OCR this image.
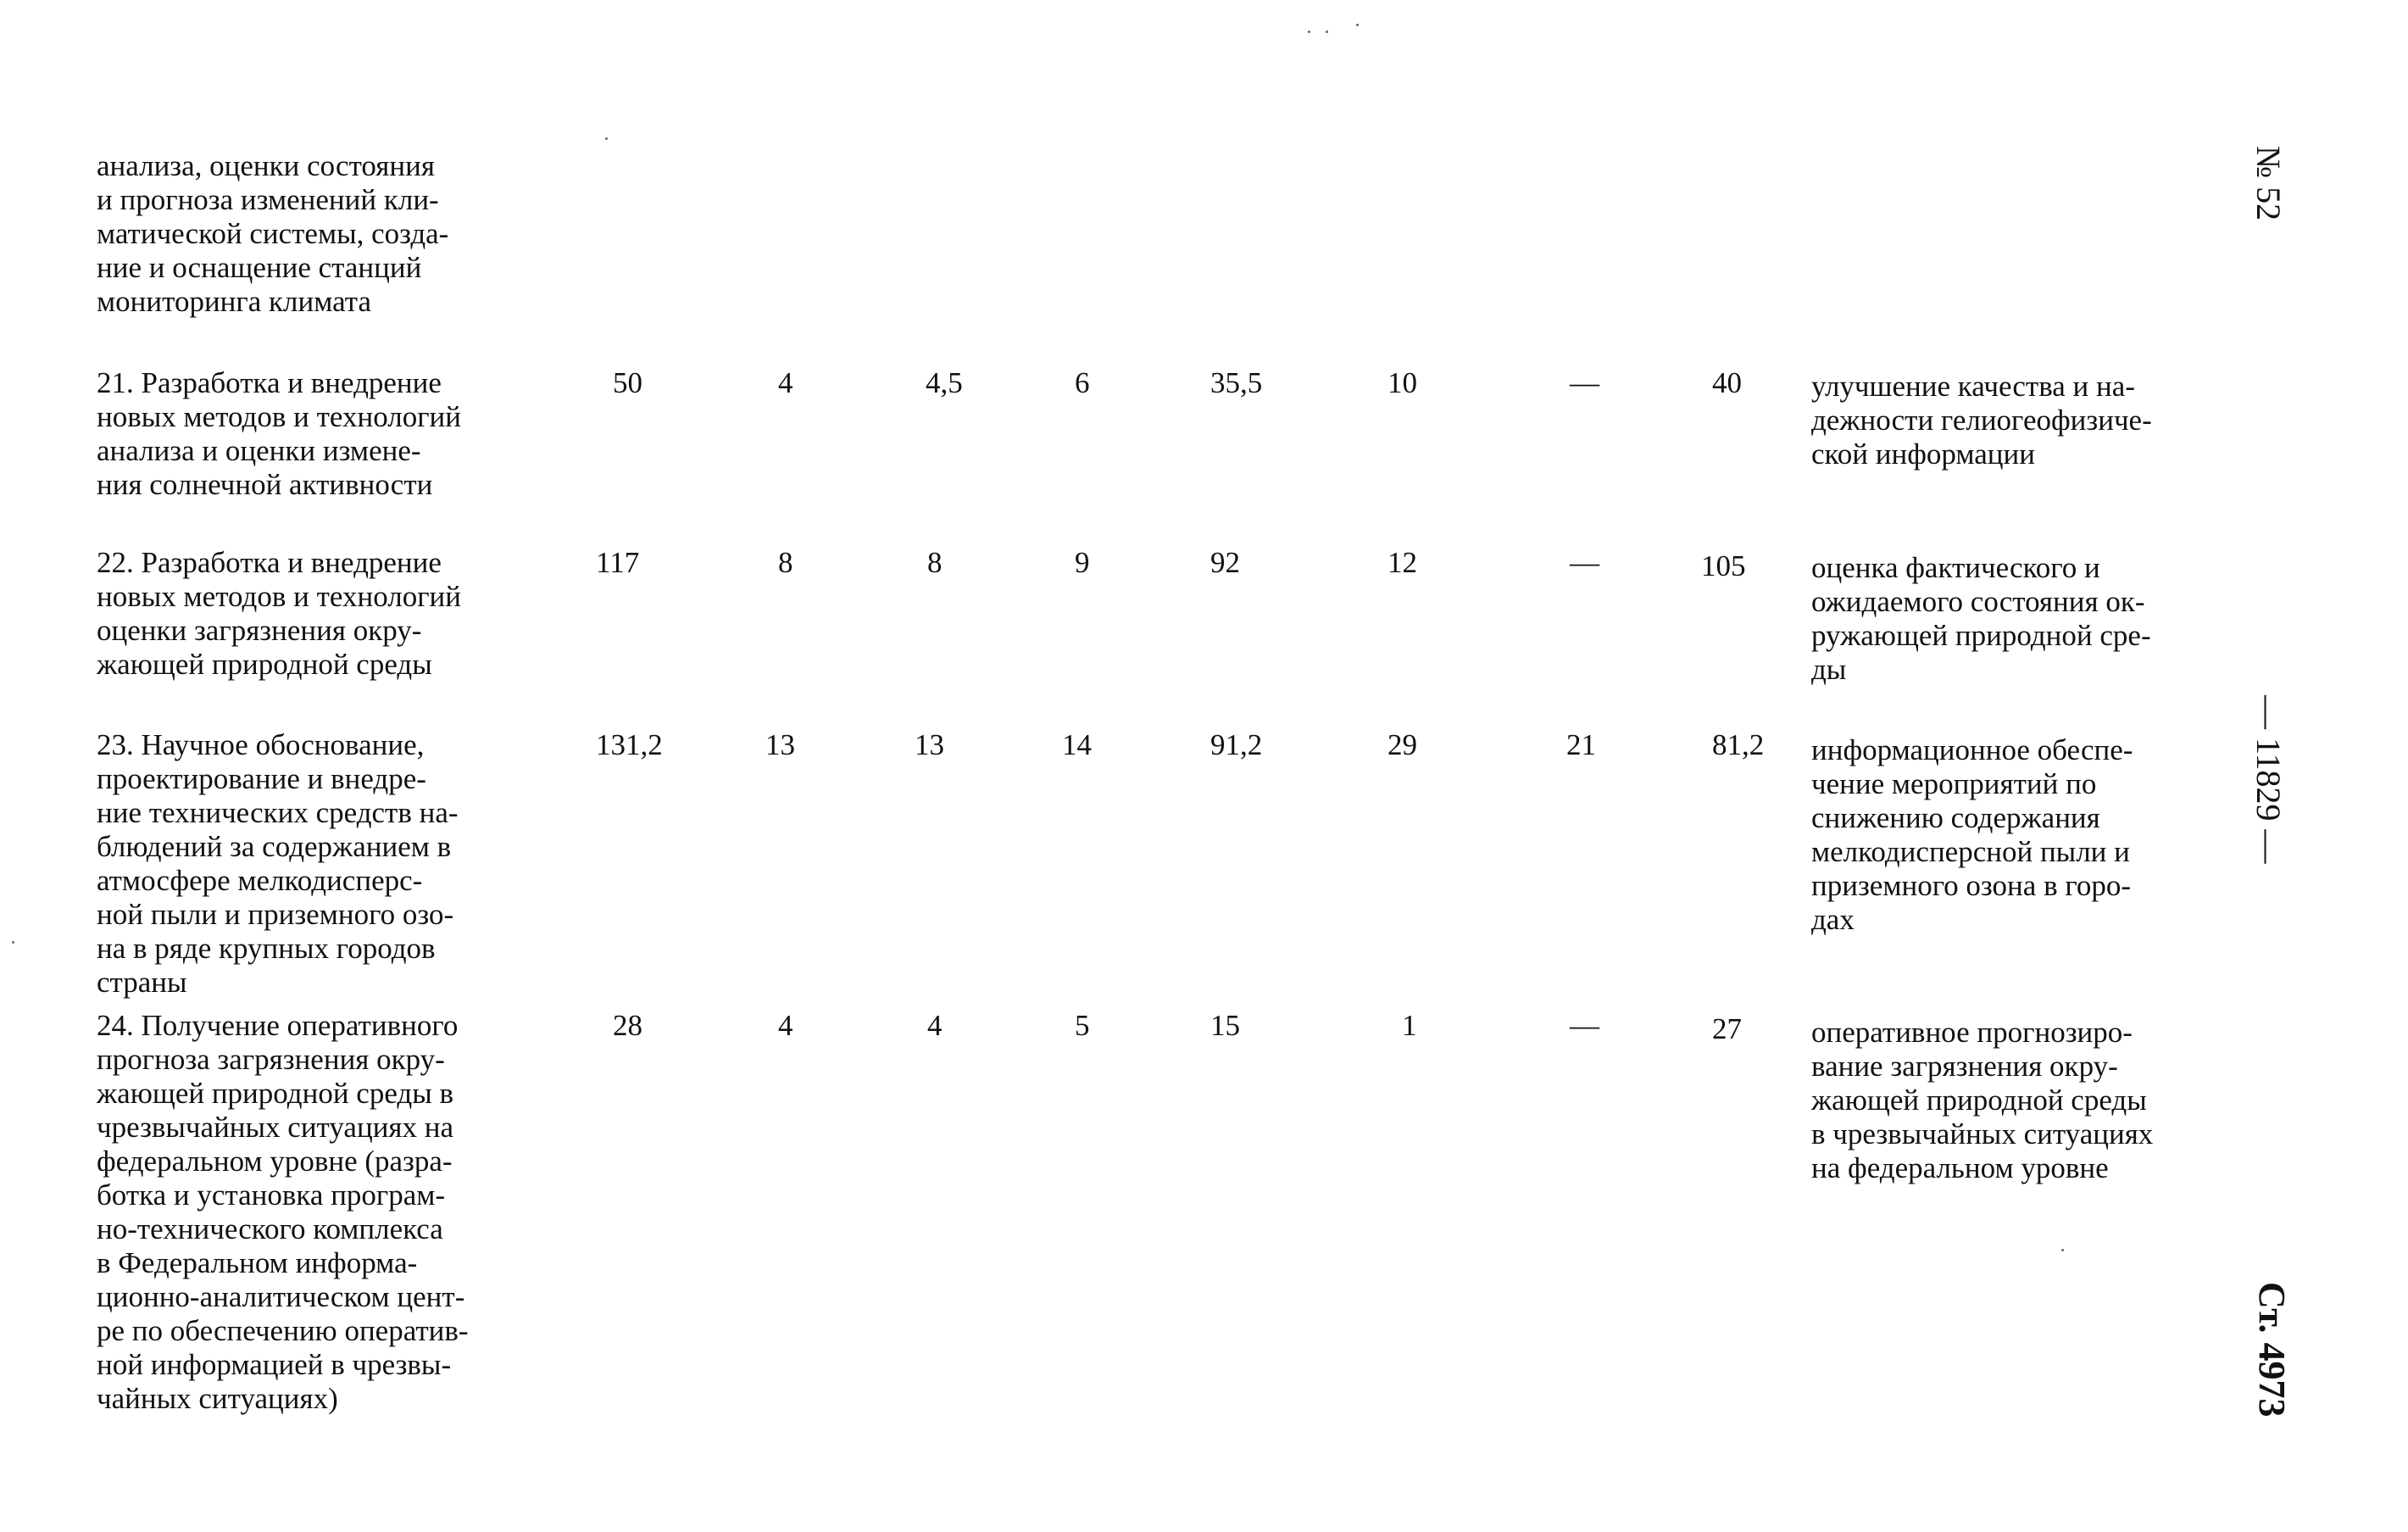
анализа, оценки состояния
и прогноза изменений кли-
матической системы, созда-
ние и оснащение станций
мониторинга климата
21. Разработка и внедрение
новых методов и технологий
анализа и оценки измене-
ния солнечной активности
50	4	4,5	6	35,5	10	—	40 улучшение качества и на-
дежности гелиогеофизиче-
ской информации
22. Разработка и внедрение
новых методов и технологий
оценки загрязнения окру-
жающей природной среды
117	8	8	9	92	12	—	105 оценка фактического и
ожидаемого состояния ок-
ружающей природной сре-
ды
23. Научное обоснование,
проектирование и внедре-
ние технических средств на-
блюдений за содержанием в
атмосфере мелкодисперс-
ной пыли и приземного озо-
на в ряде крупных городов
страны
131,2	13	13	14	91,2	29	21	81,2 информационное обеспе-
чение мероприятий по
снижению содержания
мелкодисперсной пыли и
приземного озона в горо-
дах
24. Получение оперативного
прогноза загрязнения окру-
жающей природной среды в
чрезвычайных ситуациях на
федеральном уровне (разра-
ботка и установка програм-
но-технического комплекса
в Федеральном информа-
ционно-аналитическом цент-
ре по обеспечению оператив-
ной информацией в чрезвы-
чайных ситуациях)
28	4	4	5	15	1	—	27 оперативное прогнозиро-
вание загрязнения окру-
жающей природной среды
в чрезвычайных ситуациях
на федеральном уровне
№ 52
— 11829 —
Ст. 4973
